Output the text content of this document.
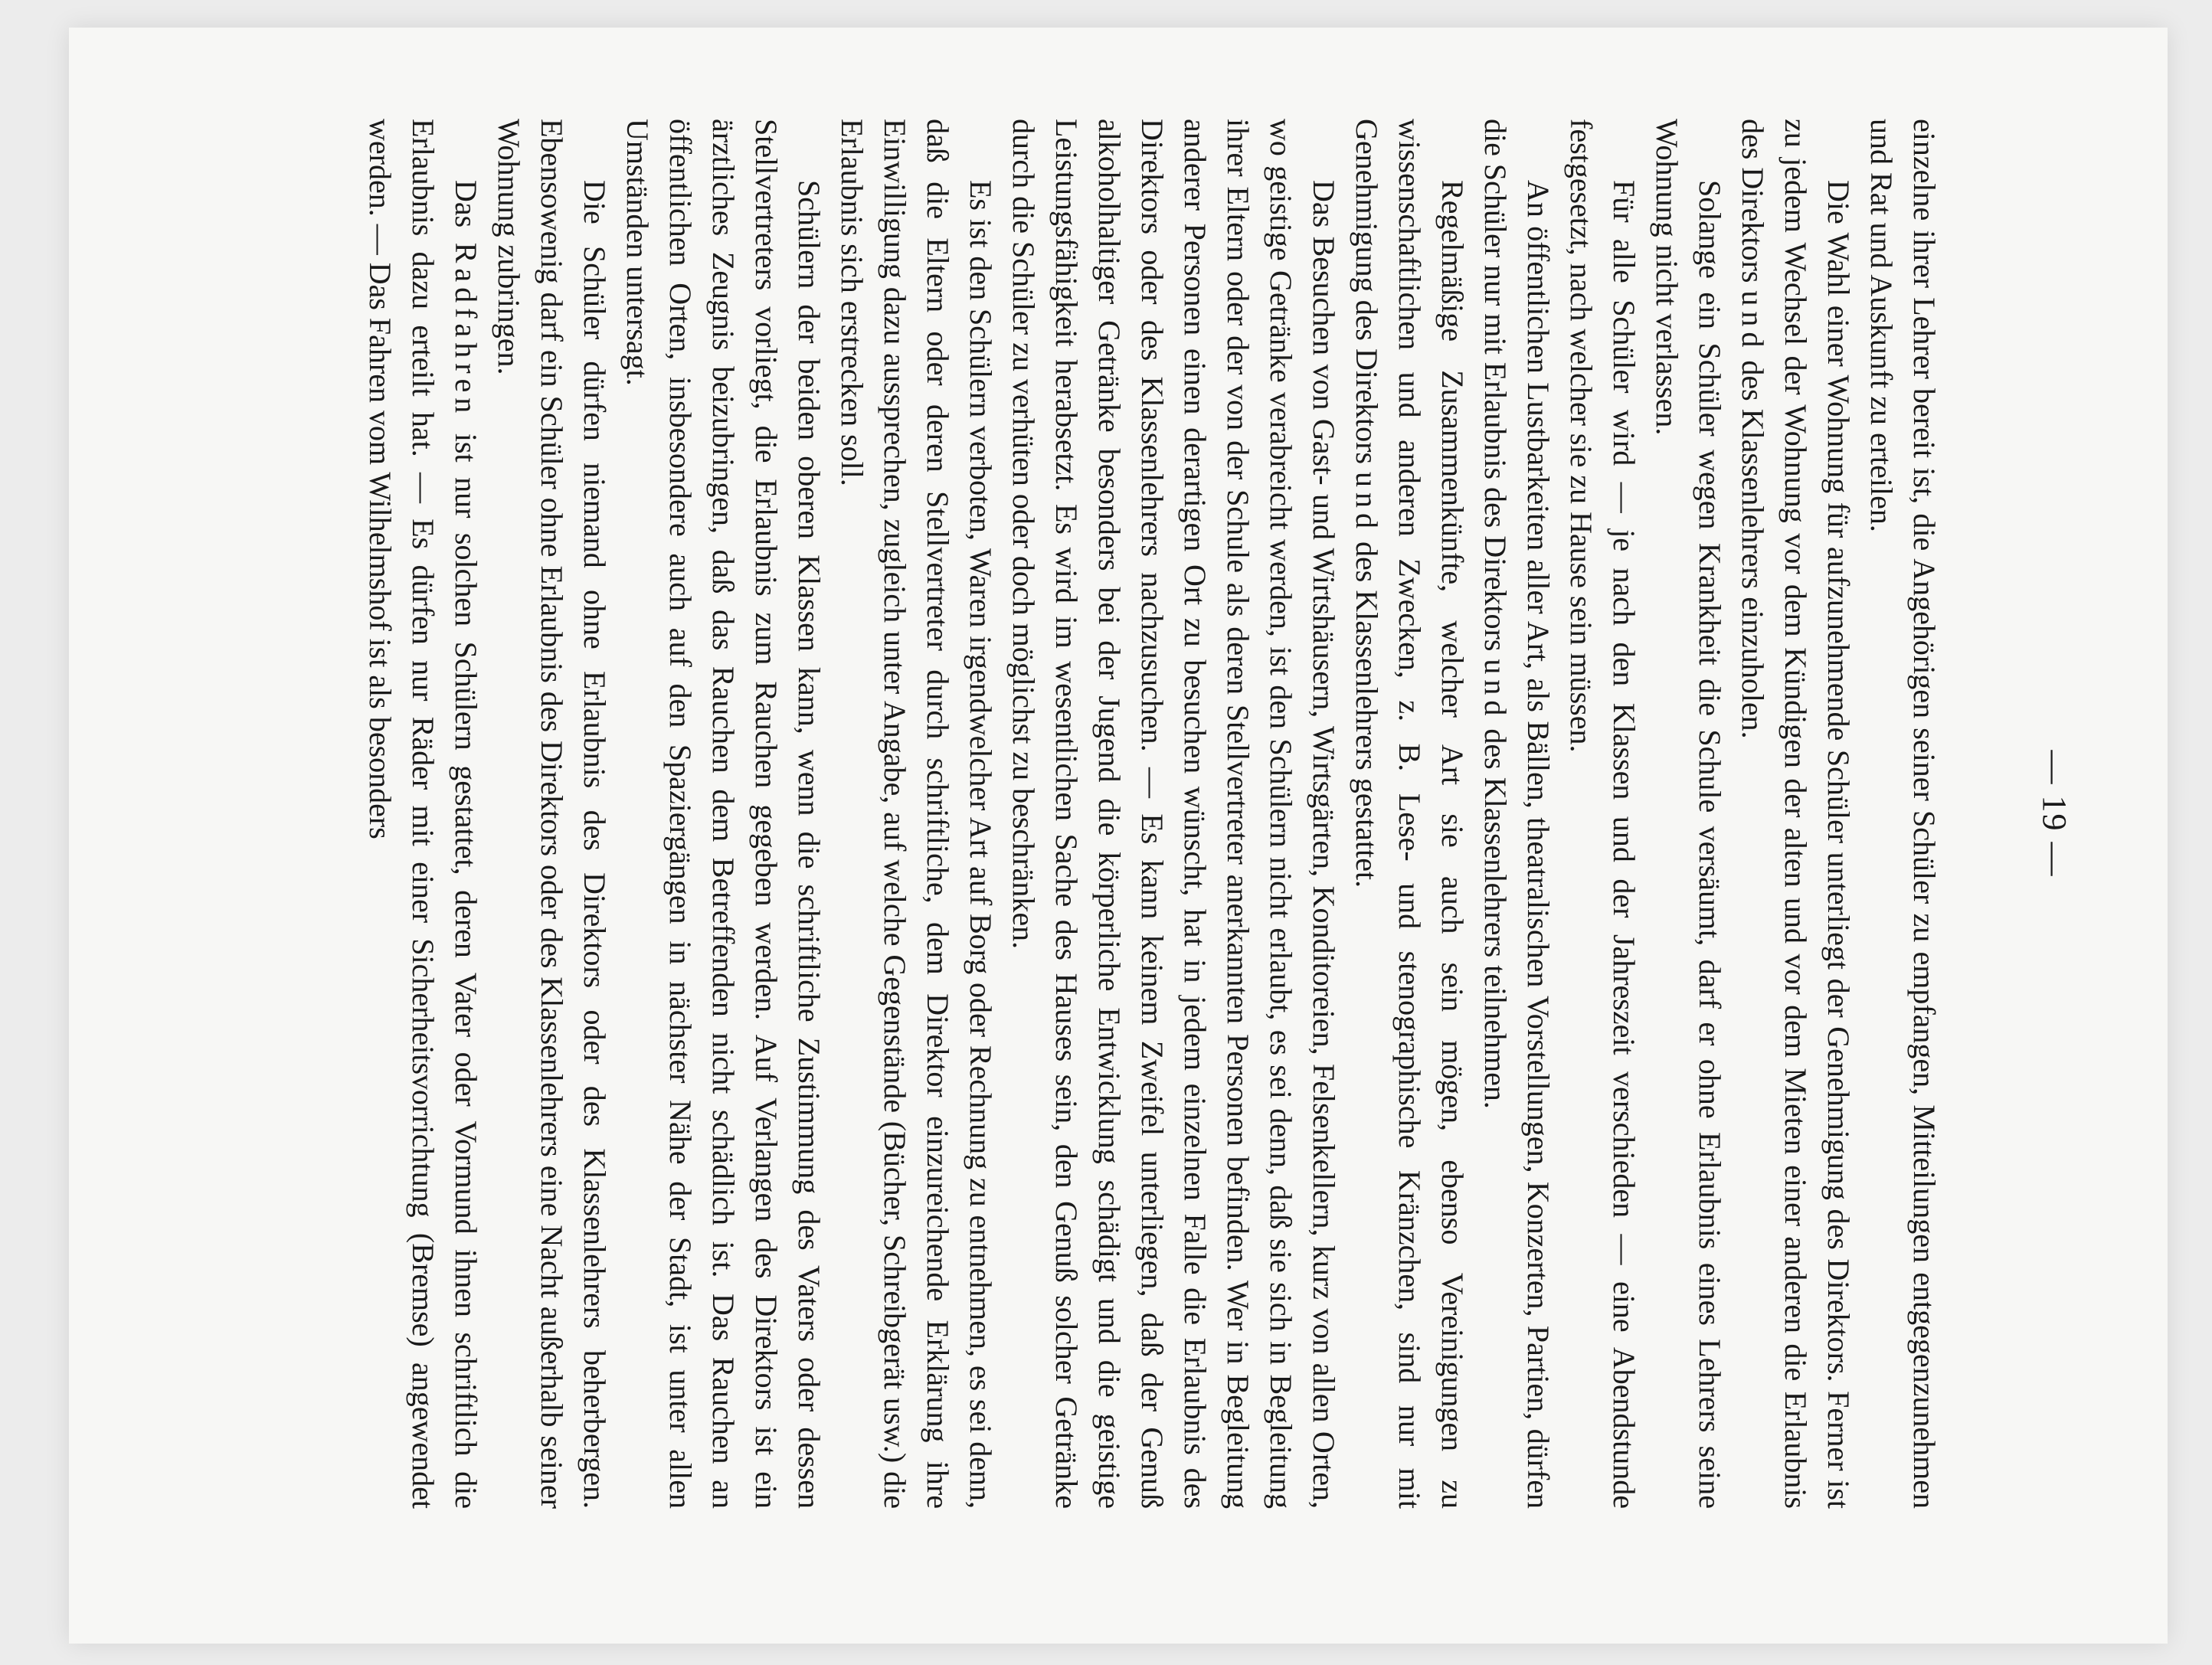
— 19 —

einzelne ihrer Lehrer bereit ist, die Angehörigen seiner Schüler zu empfangen, Mitteilungen entgegenzunehmen und Rat und Auskunft zu erteilen.

Die Wahl einer Wohnung für aufzunehmende Schüler unterliegt der Genehmigung des Direktors. Ferner ist zu jedem Wechsel der Wohnung vor dem Kündigen der alten und vor dem Mieten einer anderen die Erlaubnis des Direktors und des Klassenlehrers einzuholen.

Solange ein Schüler wegen Krankheit die Schule versäumt, darf er ohne Erlaubnis eines Lehrers seine Wohnung nicht verlassen.

Für alle Schüler wird — je nach den Klassen und der Jahreszeit verschieden — eine Abendstunde festgesetzt, nach welcher sie zu Hause sein müssen.

An öffentlichen Lustbarkeiten aller Art, als Bällen, theatralischen Vorstellungen, Konzerten, Partien, dürfen die Schüler nur mit Erlaubnis des Direktors und des Klassenlehrers teilnehmen.

Regelmäßige Zusammenkünfte, welcher Art sie auch sein mögen, ebenso Vereinigungen zu wissenschaftlichen und anderen Zwecken, z. B. Lese- und stenographische Kränzchen, sind nur mit Genehmigung des Direktors und des Klassenlehrers gestattet.

Das Besuchen von Gast- und Wirtshäusern, Wirtsgärten, Konditoreien, Felsenkellern, kurz von allen Orten, wo geistige Getränke verabreicht werden, ist den Schülern nicht erlaubt, es sei denn, daß sie sich in Begleitung ihrer Eltern oder der von der Schule als deren Stellvertreter anerkannten Personen befinden. Wer in Begleitung anderer Personen einen derartigen Ort zu besuchen wünscht, hat in jedem einzelnen Falle die Erlaubnis des Direktors oder des Klassenlehrers nachzusuchen. — Es kann keinem Zweifel unterliegen, daß der Genuß alkoholhaltiger Getränke besonders bei der Jugend die körperliche Entwicklung schädigt und die geistige Leistungsfähigkeit herabsetzt. Es wird im wesentlichen Sache des Hauses sein, den Genuß solcher Getränke durch die Schüler zu verhüten oder doch möglichst zu beschränken.

Es ist den Schülern verboten, Waren irgendwelcher Art auf Borg oder Rechnung zu entnehmen, es sei denn, daß die Eltern oder deren Stellvertreter durch schriftliche, dem Direktor einzureichende Erklärung ihre Einwilligung dazu aussprechen, zugleich unter Angabe, auf welche Gegenstände (Bücher, Schreibgerät usw.) die Erlaubnis sich erstrecken soll.

Schülern der beiden oberen Klassen kann, wenn die schriftliche Zustimmung des Vaters oder dessen Stellvertreters vorliegt, die Erlaubnis zum Rauchen gegeben werden. Auf Verlangen des Direktors ist ein ärztliches Zeugnis beizubringen, daß das Rauchen dem Betreffenden nicht schädlich ist. Das Rauchen an öffentlichen Orten, insbesondere auch auf den Spaziergängen in nächster Nähe der Stadt, ist unter allen Umständen untersagt.

Die Schüler dürfen niemand ohne Erlaubnis des Direktors oder des Klassenlehrers beherbergen. Ebensowenig darf ein Schüler ohne Erlaubnis des Direktors oder des Klassenlehrers eine Nacht außerhalb seiner Wohnung zubringen.

Das Radfahren ist nur solchen Schülern gestattet, deren Vater oder Vormund ihnen schriftlich die Erlaubnis dazu erteilt hat. — Es dürfen nur Räder mit einer Sicherheitsvorrichtung (Bremse) angewendet werden. — Das Fahren vom Wilhelmshof ist als besonders
